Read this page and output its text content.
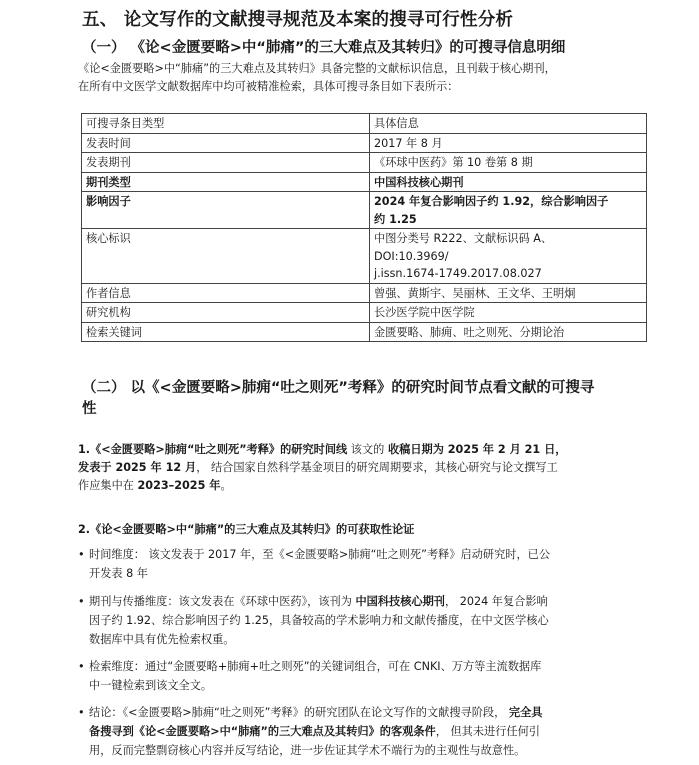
五、 论文写作的文献搜寻规范及本案的搜寻可行性分析
（一） 《论<金匮要略>中“肺痛”的三大难点及其转归》的可搜寻信息明细
《论<金匮要略>中“肺痛”的三大难点及其转归》具备完整的文献标识信息，且刊载于核心期刊，
在所有中文医学文献数据库中均可被精准检索，具体可搜寻条目如下表所示：
可搜寻条目类型	具体信息
发表时间	2017 年 8 月
发表期刊	《环球中医药》第 10 卷第 8 期
期刊类型	中国科技核心期刊
影响因子	2024 年复合影响因子约 1.92，综合影响因子
约 1.25

核心标识	中图分类号 R222、文献标识码 A、
DOI:10.3969/
j.issn.1674-1749.2017.08.027

作者信息	曾强、黄斯宇、吴丽林、王文华、王明炯
研究机构	长沙医学院中医学院
检索关键词	金匮要略、肺痈、吐之则死、分期论治
（二） 以《<金匮要略>肺痈“吐之则死”考释》的研究时间节点看文献的可搜寻
性
1.《<金匮要略>肺痈“吐之则死”考释》的研究时间线 该文的 收稿日期为 2025 年 2 月 21 日，
发表于 2025 年 12 月， 结合国家自然科学基金项目的研究周期要求，其核心研究与论文撰写工
作应集中在 2023–2025 年。
2.《论<金匮要略>中“肺痛”的三大难点及其转归》的可获取性论证
• 时间维度： 该文发表于 2017 年，至《<金匮要略>肺痈“吐之则死”考释》启动研究时，已公
开发表 8 年
• 期刊与传播维度：该文发表在《环球中医药》，该刊为 中国科技核心期刊， 2024 年复合影响
因子约 1.92、综合影响因子约 1.25，具备较高的学术影响力和文献传播度，在中文医学核心
数据库中具有优先检索权重。
• 检索维度：通过“金匮要略+肺痈+吐之则死”的关键词组合，可在 CNKI、万方等主流数据库
中一键检索到该文全文。
• 结论：《<金匮要略>肺痈“吐之则死”考释》的研究团队在论文写作的文献搜寻阶段， 完全具
备搜寻到《论<金匮要略>中“肺痛”的三大难点及其转归》的客观条件， 但其未进行任何引
用，反而完整剽窃核心内容并反写结论，进一步佐证其学术不端行为的主观性与故意性。
